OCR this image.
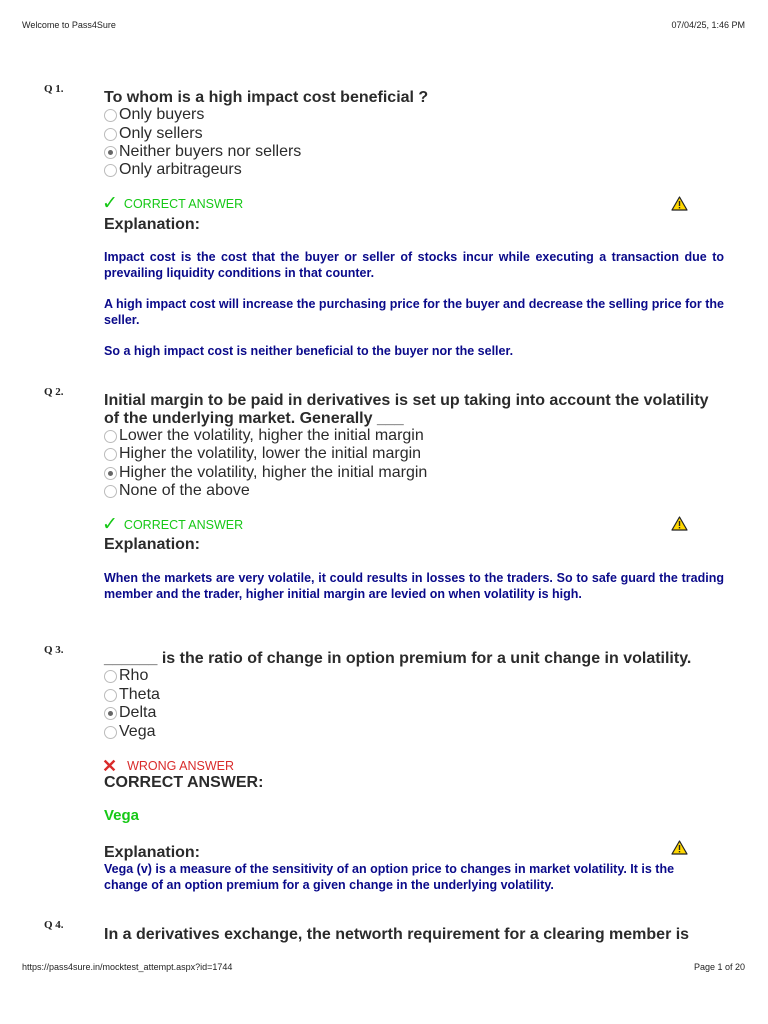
Welcome to Pass4Sure	07/04/25, 1:46 PM
Q 1.	To whom is a high impact cost beneficial ?
Only buyers
Only sellers
Neither buyers nor sellers
Only arbitrageurs
✓ CORRECT ANSWER
Explanation:

Impact cost is the cost that the buyer or seller of stocks incur while executing a transaction due to prevailing liquidity conditions in that counter.

A high impact cost will increase the purchasing price for the buyer and decrease the selling price for the seller.

So a high impact cost is neither beneficial to the buyer nor the seller.

Q 2.	Initial margin to be paid in derivatives is set up taking into account the volatility of the underlying market. Generally ___
Lower the volatility, higher the initial margin
Higher the volatility, lower the initial margin
Higher the volatility, higher the initial margin
None of the above
✓ CORRECT ANSWER
Explanation:

When the markets are very volatile, it could results in losses to the traders. So to safe guard the trading member and the trader, higher initial margin are levied on when volatility is high.

Q 3.	______ is the ratio of change in option premium for a unit change in volatility.
Rho
Theta
Delta
Vega
✕ WRONG ANSWER
CORRECT ANSWER:
Vega
Explanation:

Vega (v) is a measure of the sensitivity of an option price to changes in market volatility. It is the change of an option premium for a given change in the underlying volatility.

Q 4.
In a derivatives exchange, the networth requirement for a clearing member is
https://pass4sure.in/mocktest_attempt.aspx?id=1744	Page 1 of 20
